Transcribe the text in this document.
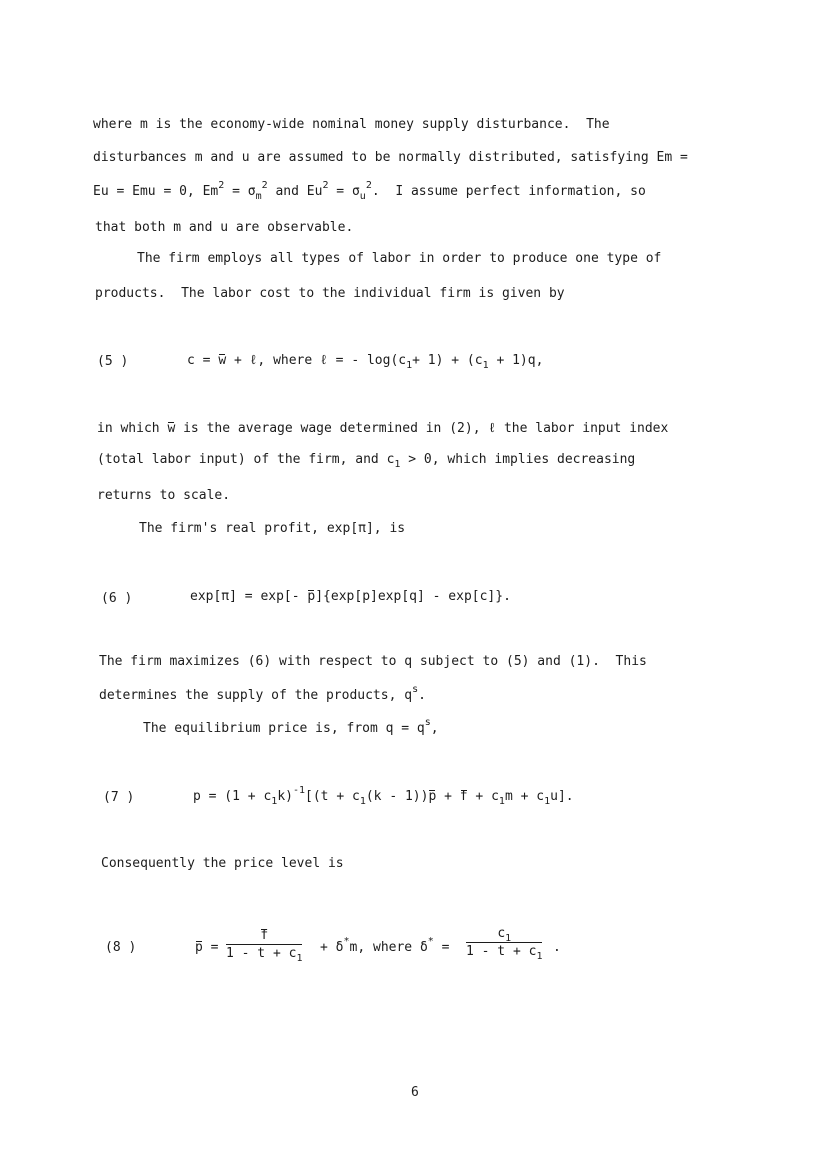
where m is the economy-wide nominal money supply disturbance.  The
disturbances m and u are assumed to be normally distributed, satisfying Em =
Eu = Emu = 0, $Em^2 = \sigma_m^2$ and $Eu^2 = \sigma_u^2$.  I assume perfect information, so
that both m and u are observable.
The firm employs all types of labor in order to produce one type of
products.  The labor cost to the individual firm is given by
(5 )	c = w + ℓ, where ℓ = - $\log(c_1+ 1) + (c_1 + 1)q$,
in which w is the average wage determined in (2), ℓ the labor input index
(total labor input) of the firm, and $c_1 > 0$, which implies decreasing
returns to scale.
The firm's real profit, exp[π], is
(6 )	exp[π] = exp[- p]{exp[p]exp[q] - exp[c]}.
The firm maximizes (6) with respect to q subject to (5) and (1).  This
determines the supply of the products, $q^s$.
The equilibrium price is, from $q = q^s$,
(7 )	$p = (1 + c_1k)^{-1}[(t + c_1(k - 1))p + f + c_1m + c_1u]$.
Consequently the price level is
(8 )	$p = \frac{f}{1 - t + c_1} + \delta^*m$, where $\delta^* = \frac{c_1}{1 - t + c_1}$ .
6
